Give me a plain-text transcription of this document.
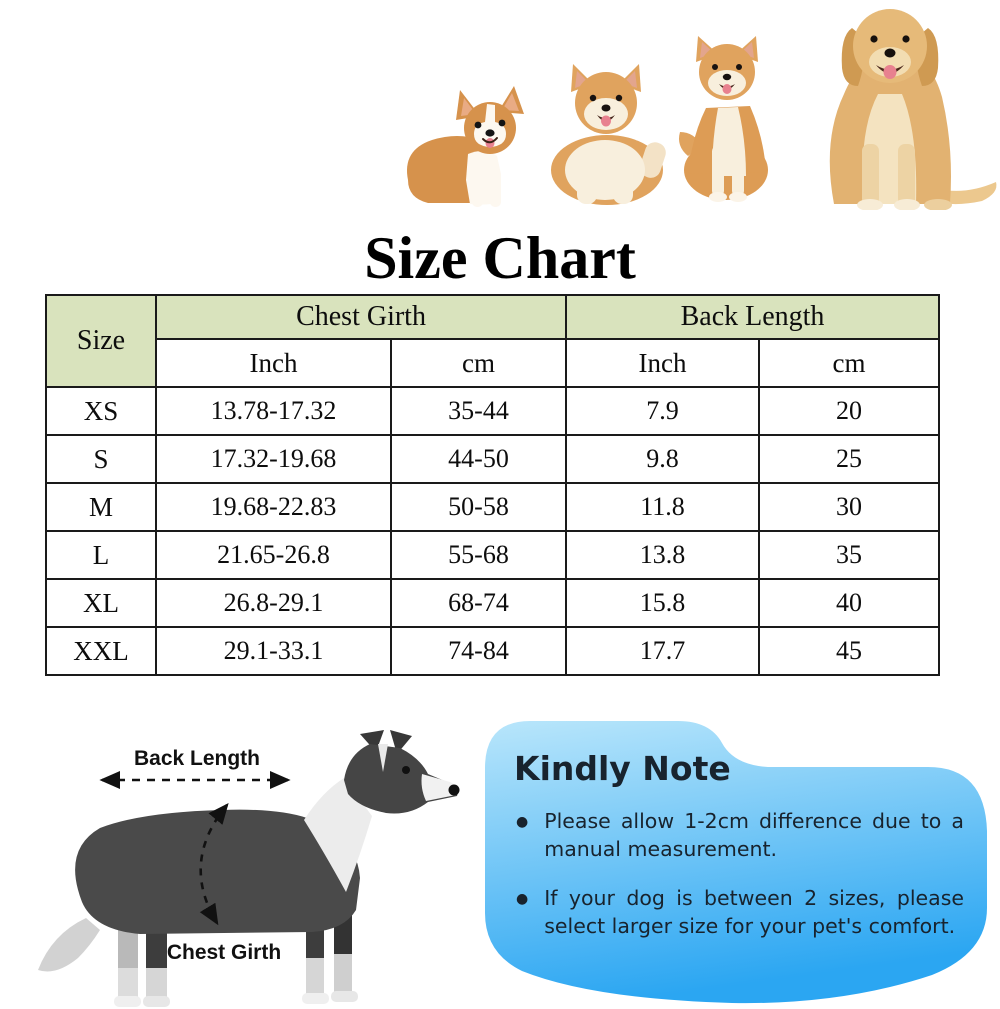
Size Chart
Size	Chest Girth		Back Length	
	Inch	cm	Inch	cm
XS	13.78-17.32	35-44	7.9	20
S	17.32-19.68	44-50	9.8	25
M	19.68-22.83	50-58	11.8	30
L	21.65-26.8	55-68	13.8	35
XL	26.8-29.1	68-74	15.8	40
XXL	29.1-33.1	74-84	17.7	45
Back Length
Chest Girth
Kindly Note
● Please allow 1-2cm difference due to a manual measurement.
● If your dog is between 2 sizes, please select larger size for your pet's comfort.
